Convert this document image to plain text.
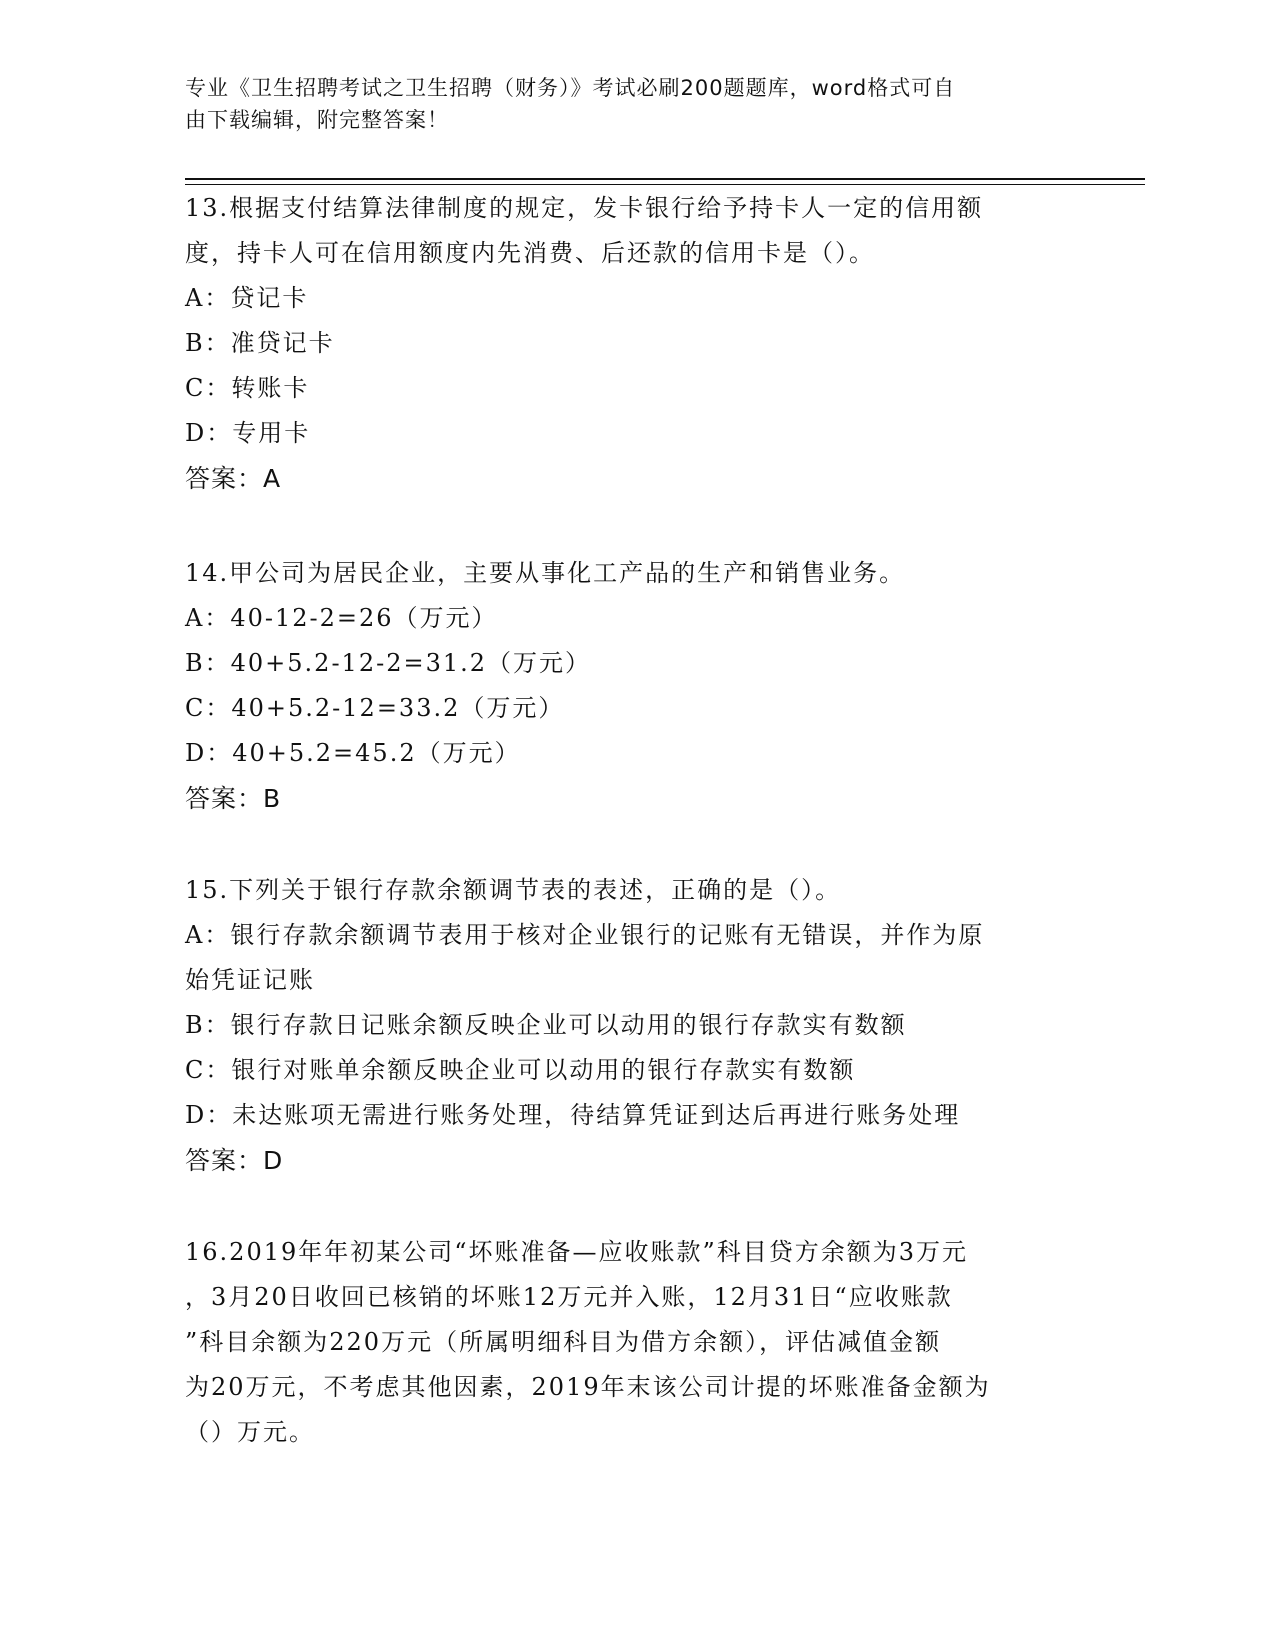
专业《卫生招聘考试之卫生招聘（财务）》考试必刷200题题库，word格式可自
由下载编辑，附完整答案！
13.根据支付结算法律制度的规定，发卡银行给予持卡人一定的信用额
度，持卡人可在信用额度内先消费、后还款的信用卡是（）。
A：贷记卡
B：准贷记卡
C：转账卡
D：专用卡
答案：A
14.甲公司为居民企业，主要从事化工产品的生产和销售业务。
A：40-12-2=26（万元）
B：40+5.2-12-2=31.2（万元）
C：40+5.2-12=33.2（万元）
D：40+5.2=45.2（万元）
答案：B
15.下列关于银行存款余额调节表的表述，正确的是（）。
A：银行存款余额调节表用于核对企业银行的记账有无错误，并作为原
始凭证记账
B：银行存款日记账余额反映企业可以动用的银行存款实有数额
C：银行对账单余额反映企业可以动用的银行存款实有数额
D：未达账项无需进行账务处理，待结算凭证到达后再进行账务处理
答案：D
16.2019年年初某公司“坏账准备—应收账款”科目贷方余额为3万元
，3月20日收回已核销的坏账12万元并入账，12月31日“应收账款
”科目余额为220万元（所属明细科目为借方余额），评估减值金额
为20万元，不考虑其他因素，2019年末该公司计提的坏账准备金额为
（）万元。
